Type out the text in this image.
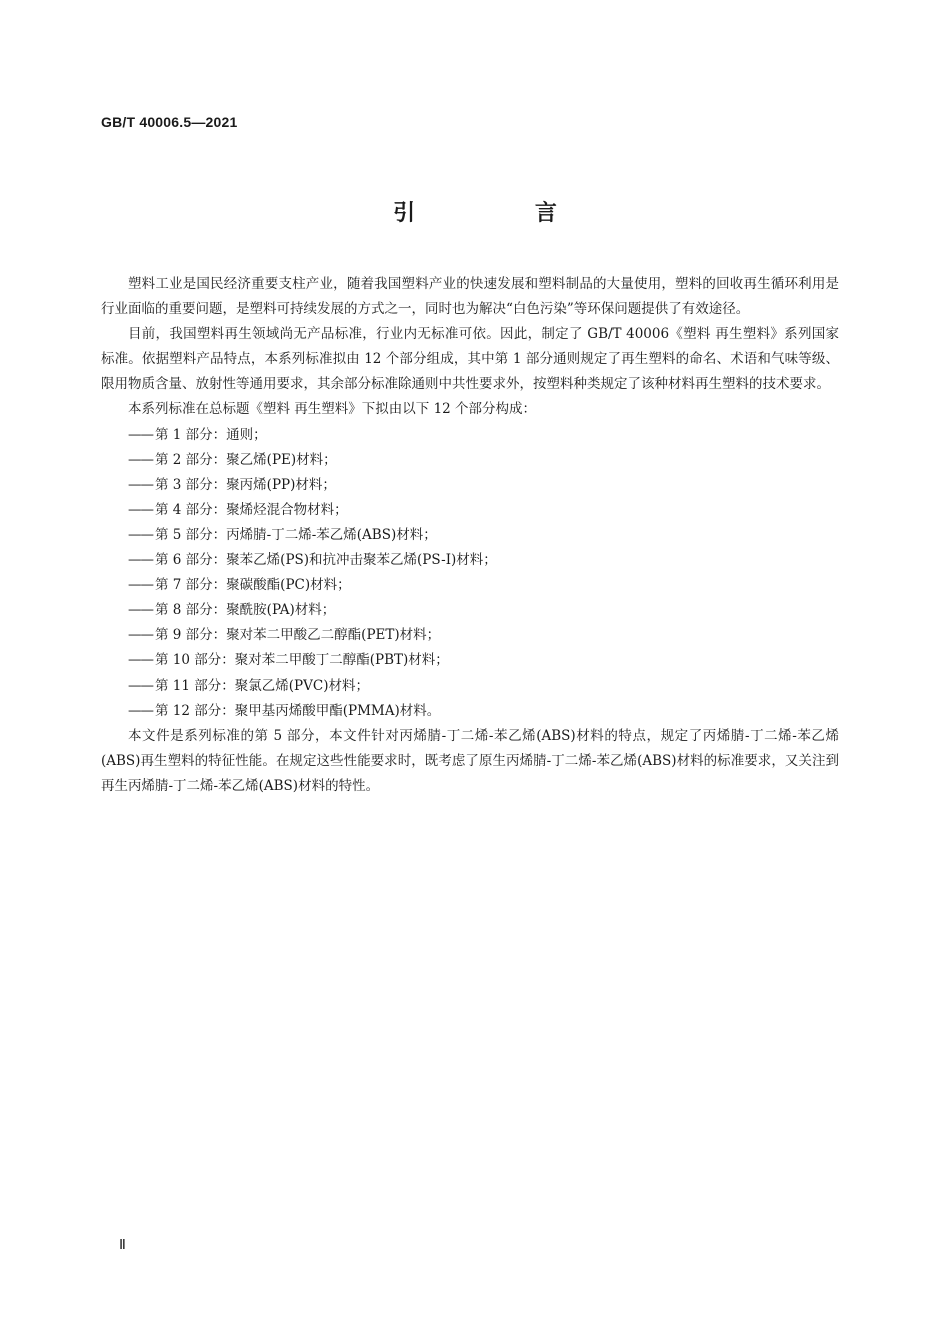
GB/T 40006.5—2021
引 言

塑料工业是国民经济重要支柱产业，随着我国塑料产业的快速发展和塑料制品的大量使用，塑料的回收再生循环利用是行业面临的重要问题，是塑料可持续发展的方式之一，同时也为解决“白色污染”等环保问题提供了有效途径。

目前，我国塑料再生领域尚无产品标准，行业内无标准可依。因此，制定了 GB/T 40006《塑料 再生塑料》系列国家标准。依据塑料产品特点，本系列标准拟由 12 个部分组成，其中第 1 部分通则规定了再生塑料的命名、术语和气味等级、限用物质含量、放射性等通用要求，其余部分标准除通则中共性要求外，按塑料种类规定了该种材料再生塑料的技术要求。

本系列标准在总标题《塑料 再生塑料》下拟由以下 12 个部分构成：

—— 第 1 部分：通则；
—— 第 2 部分：聚乙烯(PE)材料；
—— 第 3 部分：聚丙烯(PP)材料；
—— 第 4 部分：聚烯烃混合物材料；
—— 第 5 部分：丙烯腈-丁二烯-苯乙烯(ABS)材料；
—— 第 6 部分：聚苯乙烯(PS)和抗冲击聚苯乙烯(PS-I)材料；
—— 第 7 部分：聚碳酸酯(PC)材料；
—— 第 8 部分：聚酰胺(PA)材料；
—— 第 9 部分：聚对苯二甲酸乙二醇酯(PET)材料；
—— 第 10 部分：聚对苯二甲酸丁二醇酯(PBT)材料；
—— 第 11 部分：聚氯乙烯(PVC)材料；
—— 第 12 部分：聚甲基丙烯酸甲酯(PMMA)材料。

本文件是系列标准的第 5 部分，本文件针对丙烯腈-丁二烯-苯乙烯(ABS)材料的特点，规定了丙烯腈-丁二烯-苯乙烯(ABS)再生塑料的特征性能。在规定这些性能要求时，既考虑了原生丙烯腈-丁二烯-苯乙烯(ABS)材料的标准要求，又关注到再生丙烯腈-丁二烯-苯乙烯(ABS)材料的特性。

Ⅱ
